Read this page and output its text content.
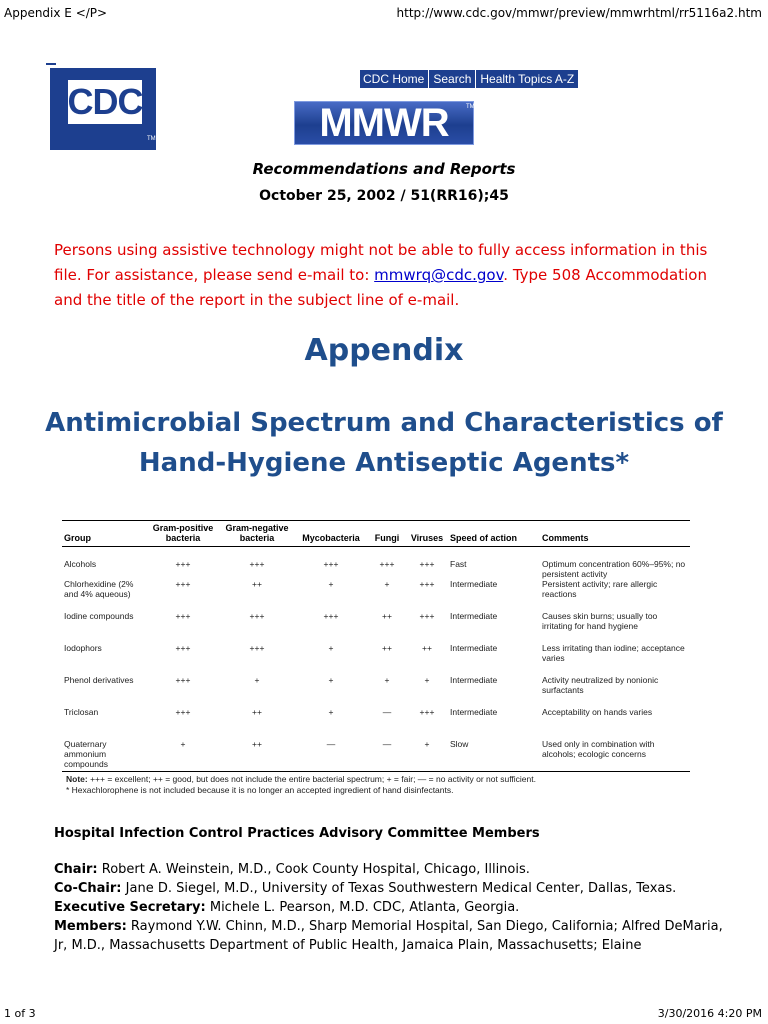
Appendix E </P>	http://www.cdc.gov/mmwr/preview/mmwrhtml/rr5116a2.htm
CDC
TM
CDC Home Search Health Topics A-Z
MMWR	TM
Recommendations and Reports
October 25, 2002 / 51(RR16);45
Persons using assistive technology might not be able to fully access information in this file. For assistance, please send e-mail to: mmwrq@cdc.gov. Type 508 Accommodation and the title of the report in the subject line of e-mail.
Appendix
Antimicrobial Spectrum and Characteristics of Hand-Hygiene Antiseptic Agents*
Group	Gram-positive bacteria	Gram-negative bacteria	Mycobacteria	Fungi	Viruses	Speed of action	Comments
Alcohols	+++	+++	+++	+++	+++	Fast	Optimum concentration 60%–95%; no persistent activity
Chlorhexidine (2% and 4% aqueous)	+++	++	+	+	+++	Intermediate	Persistent activity; rare allergic reactions
Iodine compounds	+++	+++	+++	++	+++	Intermediate	Causes skin burns; usually too irritating for hand hygiene
Iodophors	+++	+++	+	++	++	Intermediate	Less irritating than iodine; acceptance varies
Phenol derivatives	+++	+	+	+	+	Intermediate	Activity neutralized by nonionic surfactants
Triclosan	+++	++	+	—	+++	Intermediate	Acceptability on hands varies
Quaternary ammonium compounds	+	++	—	—	+	Slow	Used only in combination with alcohols; ecologic concerns
Note: +++ = excellent; ++ = good, but does not include the entire bacterial spectrum; + = fair; — = no activity or not sufficient.
* Hexachlorophene is not included because it is no longer an accepted ingredient of hand disinfectants.
Hospital Infection Control Practices Advisory Committee Members
Chair: Robert A. Weinstein, M.D., Cook County Hospital, Chicago, Illinois.
Co-Chair: Jane D. Siegel, M.D., University of Texas Southwestern Medical Center, Dallas, Texas.
Executive Secretary: Michele L. Pearson, M.D. CDC, Atlanta, Georgia.
Members: Raymond Y.W. Chinn, M.D., Sharp Memorial Hospital, San Diego, California; Alfred DeMaria, Jr, M.D., Massachusetts Department of Public Health, Jamaica Plain, Massachusetts; Elaine
1 of 3	3/30/2016 4:20 PM
